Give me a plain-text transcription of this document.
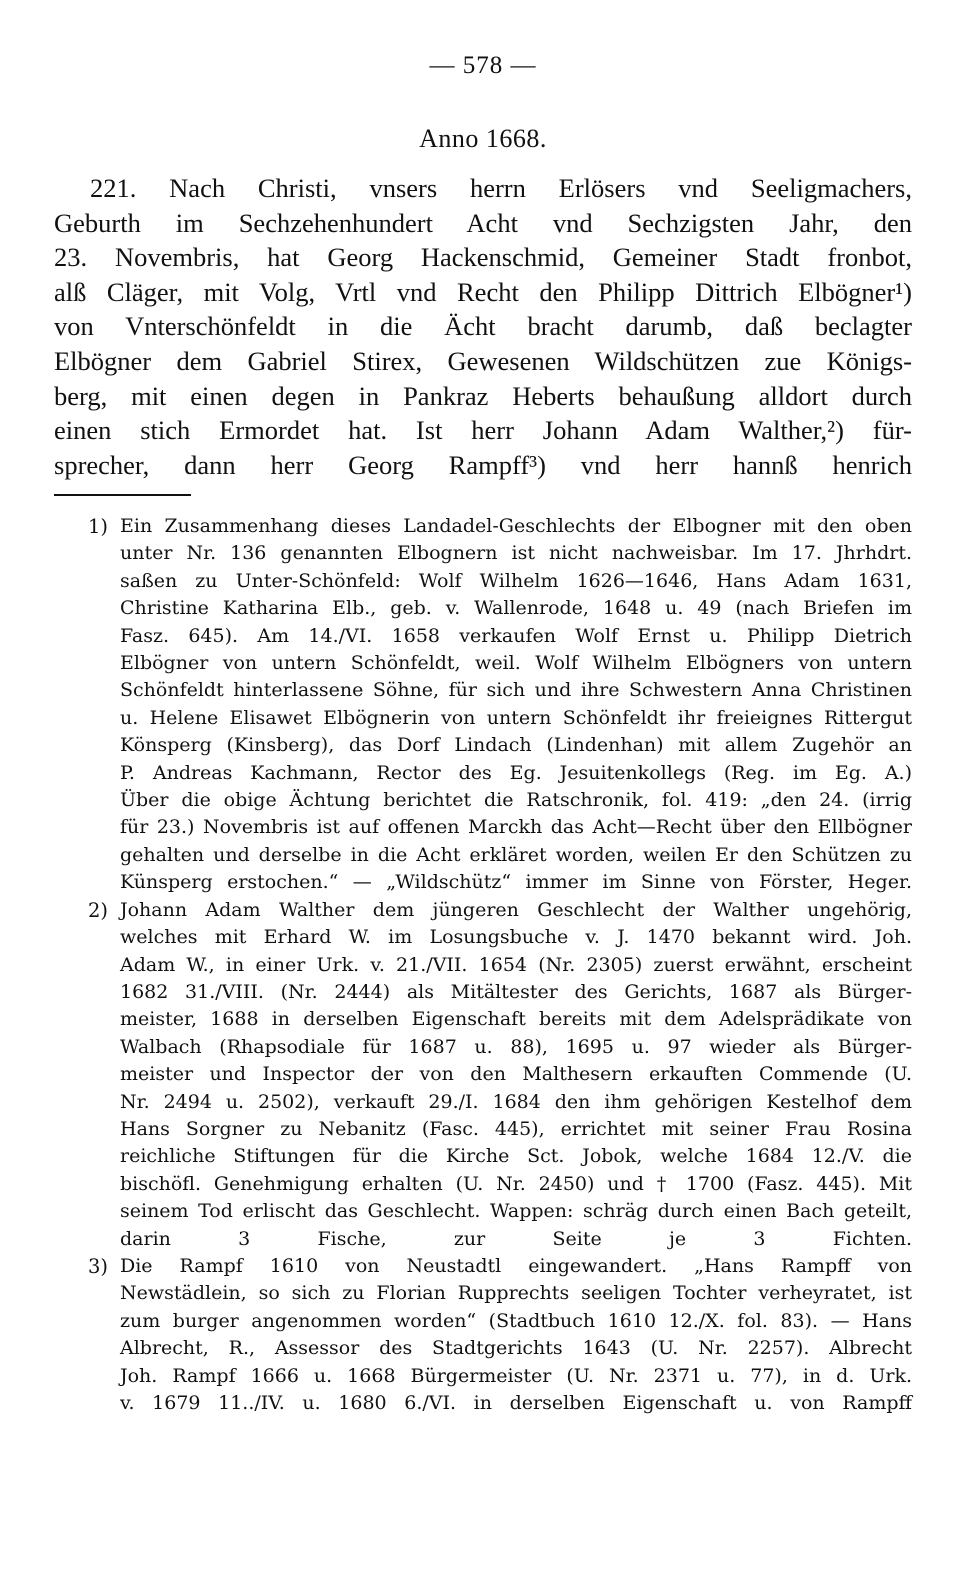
— 578 —
Anno 1668.
221. Nach Christi, vnsers herrn Erlösers vnd Seeligmachers,
Geburth im Sechzehenhundert Acht vnd Sechzigsten Jahr, den
23. Novembris, hat Georg Hackenschmid, Gemeiner Stadt fronbot,
alß Cläger, mit Volg, Vrtl vnd Recht den Philipp Dittrich Elbögner¹)
von Vnterschönfeldt in die Ächt bracht darumb, daß beclagter
Elbögner dem Gabriel Stirex, Gewesenen Wildschützen zue Königs-
berg, mit einen degen in Pankraz Heberts behaußung alldort durch
einen stich Ermordet hat. Ist herr Johann Adam Walther,²) für-
sprecher, dann herr Georg Rampff³) vnd herr hannß henrich
1) Ein Zusammenhang dieses Landadel-Geschlechts der Elbogner mit den oben
unter Nr. 136 genannten Elbognern ist nicht nachweisbar. Im 17. Jhrhdrt.
saßen zu Unter-Schönfeld: Wolf Wilhelm 1626—1646, Hans Adam 1631,
Christine Katharina Elb., geb. v. Wallenrode, 1648 u. 49 (nach Briefen im
Fasz. 645). Am 14./VI. 1658 verkaufen Wolf Ernst u. Philipp Dietrich
Elbögner von untern Schönfeldt, weil. Wolf Wilhelm Elbögners von untern
Schönfeldt hinterlassene Söhne, für sich und ihre Schwestern Anna Christinen
u. Helene Elisawet Elbögnerin von untern Schönfeldt ihr freieignes Rittergut
Könsperg (Kinsberg), das Dorf Lindach (Lindenhan) mit allem Zugehör an
P. Andreas Kachmann, Rector des Eg. Jesuitenkollegs (Reg. im Eg. A.)
Über die obige Ächtung berichtet die Ratschronik, fol. 419: „den 24. (irrig
für 23.) Novembris ist auf offenen Marckh das Acht—Recht über den Ellbögner
gehalten und derselbe in die Acht erkläret worden, weilen Er den Schützen zu
Künsperg erstochen.“ — „Wildschütz“ immer im Sinne von Förster, Heger.
2) Johann Adam Walther dem jüngeren Geschlecht der Walther ungehörig,
welches mit Erhard W. im Losungsbuche v. J. 1470 bekannt wird. Joh.
Adam W., in einer Urk. v. 21./VII. 1654 (Nr. 2305) zuerst erwähnt, erscheint
1682 31./VIII. (Nr. 2444) als Mitältester des Gerichts, 1687 als Bürger-
meister, 1688 in derselben Eigenschaft bereits mit dem Adelsprädikate von
Walbach (Rhapsodiale für 1687 u. 88), 1695 u. 97 wieder als Bürger-
meister und Inspector der von den Malthesern erkauften Commende (U.
Nr. 2494 u. 2502), verkauft 29./I. 1684 den ihm gehörigen Kestelhof dem
Hans Sorgner zu Nebanitz (Fasc. 445), errichtet mit seiner Frau Rosina
reichliche Stiftungen für die Kirche Sct. Jobok, welche 1684 12./V. die
bischöfl. Genehmigung erhalten (U. Nr. 2450) und † 1700 (Fasz. 445). Mit
seinem Tod erlischt das Geschlecht. Wappen: schräg durch einen Bach geteilt,
darin 3 Fische, zur Seite je 3 Fichten.
3) Die Rampf 1610 von Neustadtl eingewandert. „Hans Rampff von
Newstädlein, so sich zu Florian Rupprechts seeligen Tochter verheyratet, ist
zum burger angenommen worden“ (Stadtbuch 1610 12./X. fol. 83). — Hans
Albrecht, R., Assessor des Stadtgerichts 1643 (U. Nr. 2257). Albrecht
Joh. Rampf 1666 u. 1668 Bürgermeister (U. Nr. 2371 u. 77), in d. Urk.
v. 1679 11../IV. u. 1680 6./VI. in derselben Eigenschaft u. von Rampff
